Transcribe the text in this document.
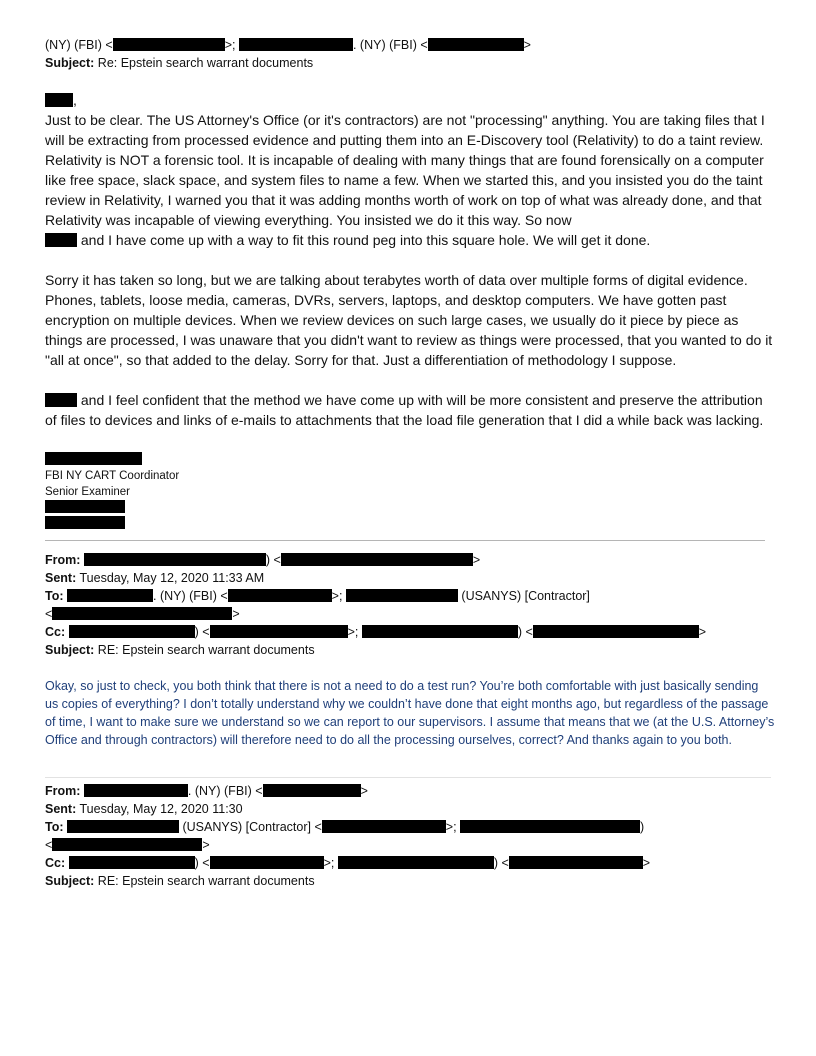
(NY) (FBI) <	>;	. (NY) (FBI) <	>
Subject: Re: Epstein search warrant documents

,

Just to be clear. The US Attorney's Office (or it's contractors) are not "processing" anything. You are taking files that I will be extracting from processed evidence and putting them into an E-Discovery tool (Relativity) to do a taint review.

Relativity is NOT a forensic tool. It is incapable of dealing with many things that are found forensically on a computer like free space, slack space, and system files to name a few. When we started this, and you insisted you do the taint review in Relativity, I warned you that it was adding months worth of work on top of what was already done, and that Relativity was incapable of viewing everything. You insisted we do it this way. So now
and I have come up with a way to fit this round peg into this square hole. We will get it done.

Sorry it has taken so long, but we are talking about terabytes worth of data over multiple forms of digital evidence. Phones, tablets, loose media, cameras, DVRs, servers, laptops, and desktop computers. We have gotten past encryption on multiple devices. When we review devices on such large cases, we usually do it piece by piece as things are processed, I was unaware that you didn't want to review as things were processed, that you wanted to do it "all at once", so that added to the delay. Sorry for that. Just a differentiation of methodology I suppose.

and I feel confident that the method we have come up with will be more consistent and preserve the attribution of files to devices and links of e-mails to attachments that the load file generation that I did a while back was lacking.

FBI NY CART Coordinator
Senior Examiner
From:	) <	>
Sent: Tuesday, May 12, 2020 11:33 AM
To:	. (NY) (FBI) <	>;	(USANYS) [Contractor]
<	>
Cc:	) <	>;	) <	>
Subject: RE: Epstein search warrant documents
Okay, so just to check, you both think that there is not a need to do a test run? You’re both comfortable with just basically sending us copies of everything? I don’t totally understand why we couldn’t have done that eight months ago, but regardless of the passage of time, I want to make sure we understand so we can report to our supervisors. I assume that means that we (at the U.S. Attorney’s Office and through contractors) will therefore need to do all the processing ourselves, correct? And thanks again to you both.
From:	. (NY) (FBI) <	>
Sent: Tuesday, May 12, 2020 11:30
To:	(USANYS) [Contractor] <	>;	)
<	>
Cc:	) <	>;	) <	>
Subject: RE: Epstein search warrant documents
